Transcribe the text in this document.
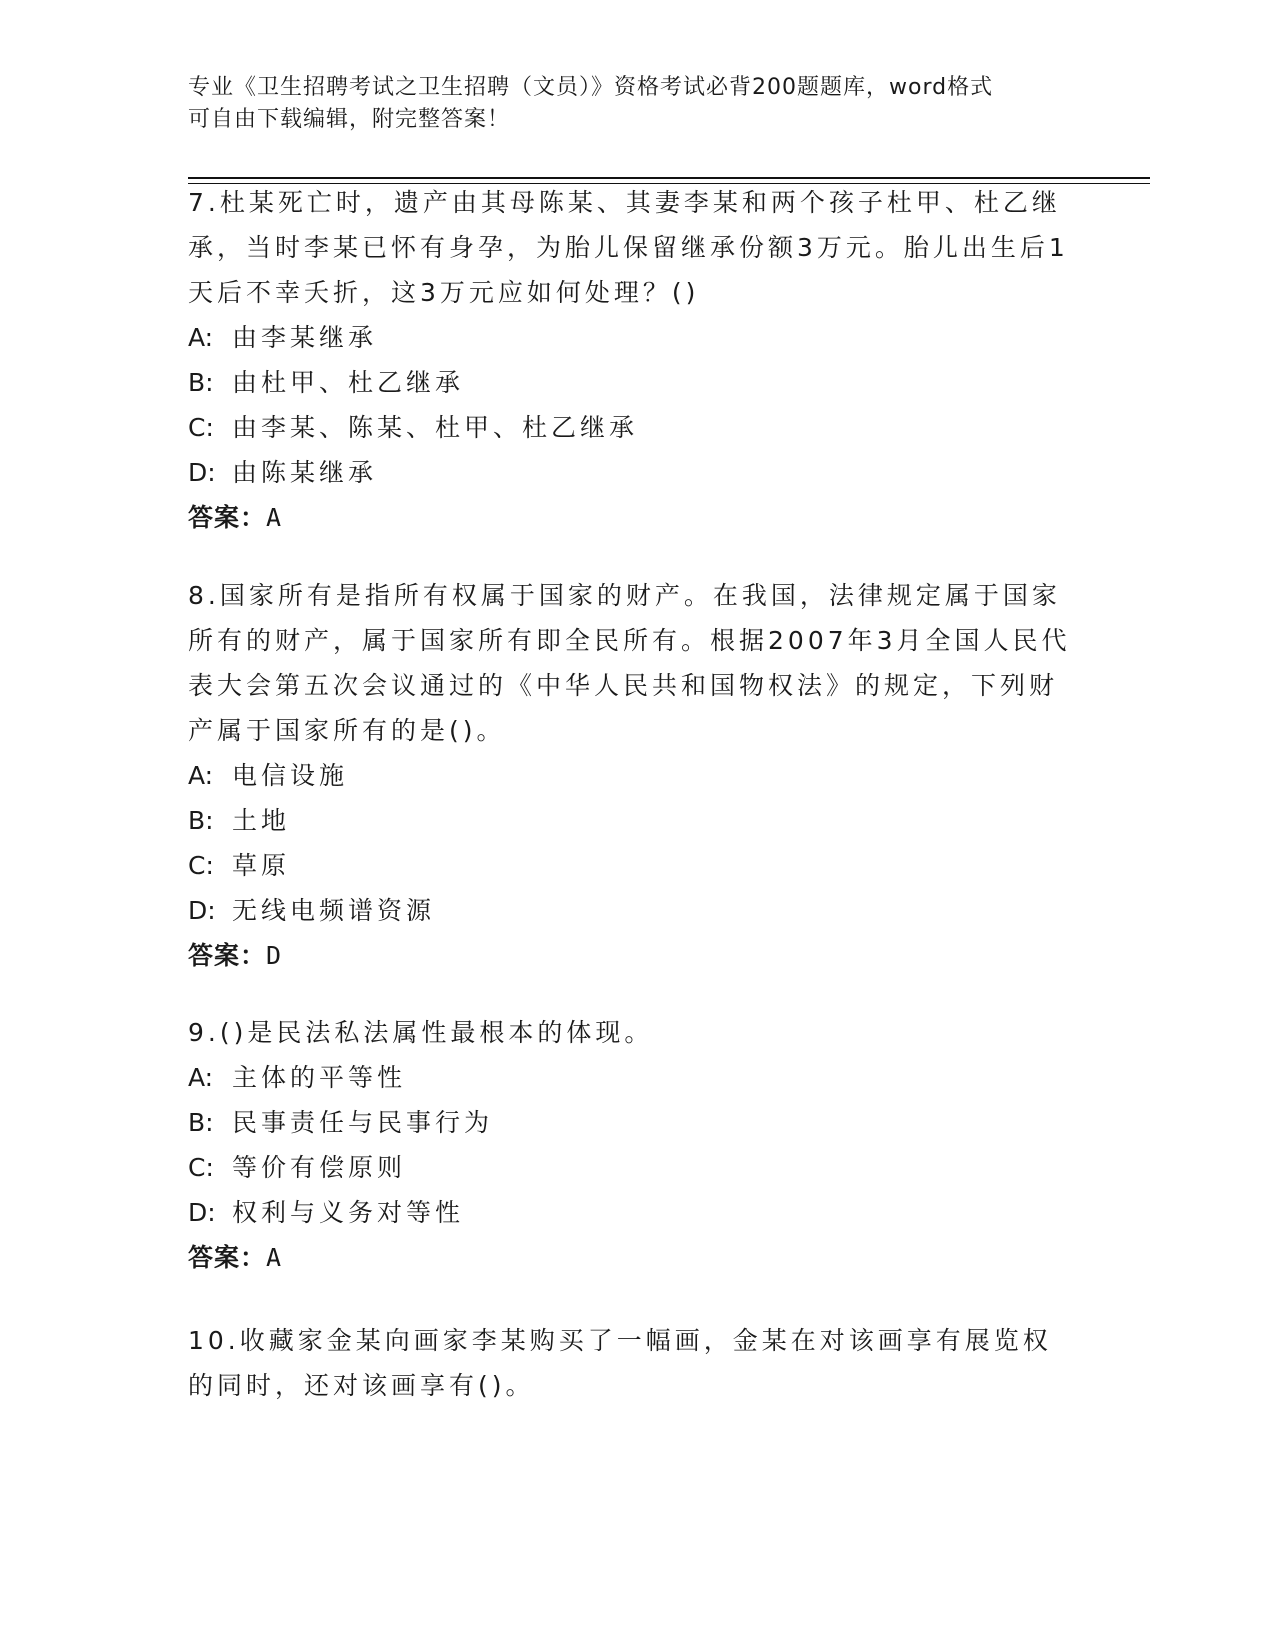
专业《卫生招聘考试之卫生招聘（文员）》资格考试必背200题题库，word格式
可自由下载编辑，附完整答案！
7.杜某死亡时，遗产由其母陈某、其妻李某和两个孩子杜甲、杜乙继承，当时李某已怀有身孕，为胎儿保留继承份额3万元。胎儿出生后1天后不幸夭折，这3万元应如何处理？()
A: 由李某继承
B: 由杜甲、杜乙继承
C: 由李某、陈某、杜甲、杜乙继承
D: 由陈某继承
答案：A
8.国家所有是指所有权属于国家的财产。在我国，法律规定属于国家所有的财产，属于国家所有即全民所有。根据2007年3月全国人民代表大会第五次会议通过的《中华人民共和国物权法》的规定，下列财产属于国家所有的是()。
A: 电信设施
B: 土地
C: 草原
D: 无线电频谱资源
答案：D
9.()是民法私法属性最根本的体现。
A: 主体的平等性
B: 民事责任与民事行为
C: 等价有偿原则
D: 权利与义务对等性
答案：A
10.收藏家金某向画家李某购买了一幅画，金某在对该画享有展览权的同时，还对该画享有()。
